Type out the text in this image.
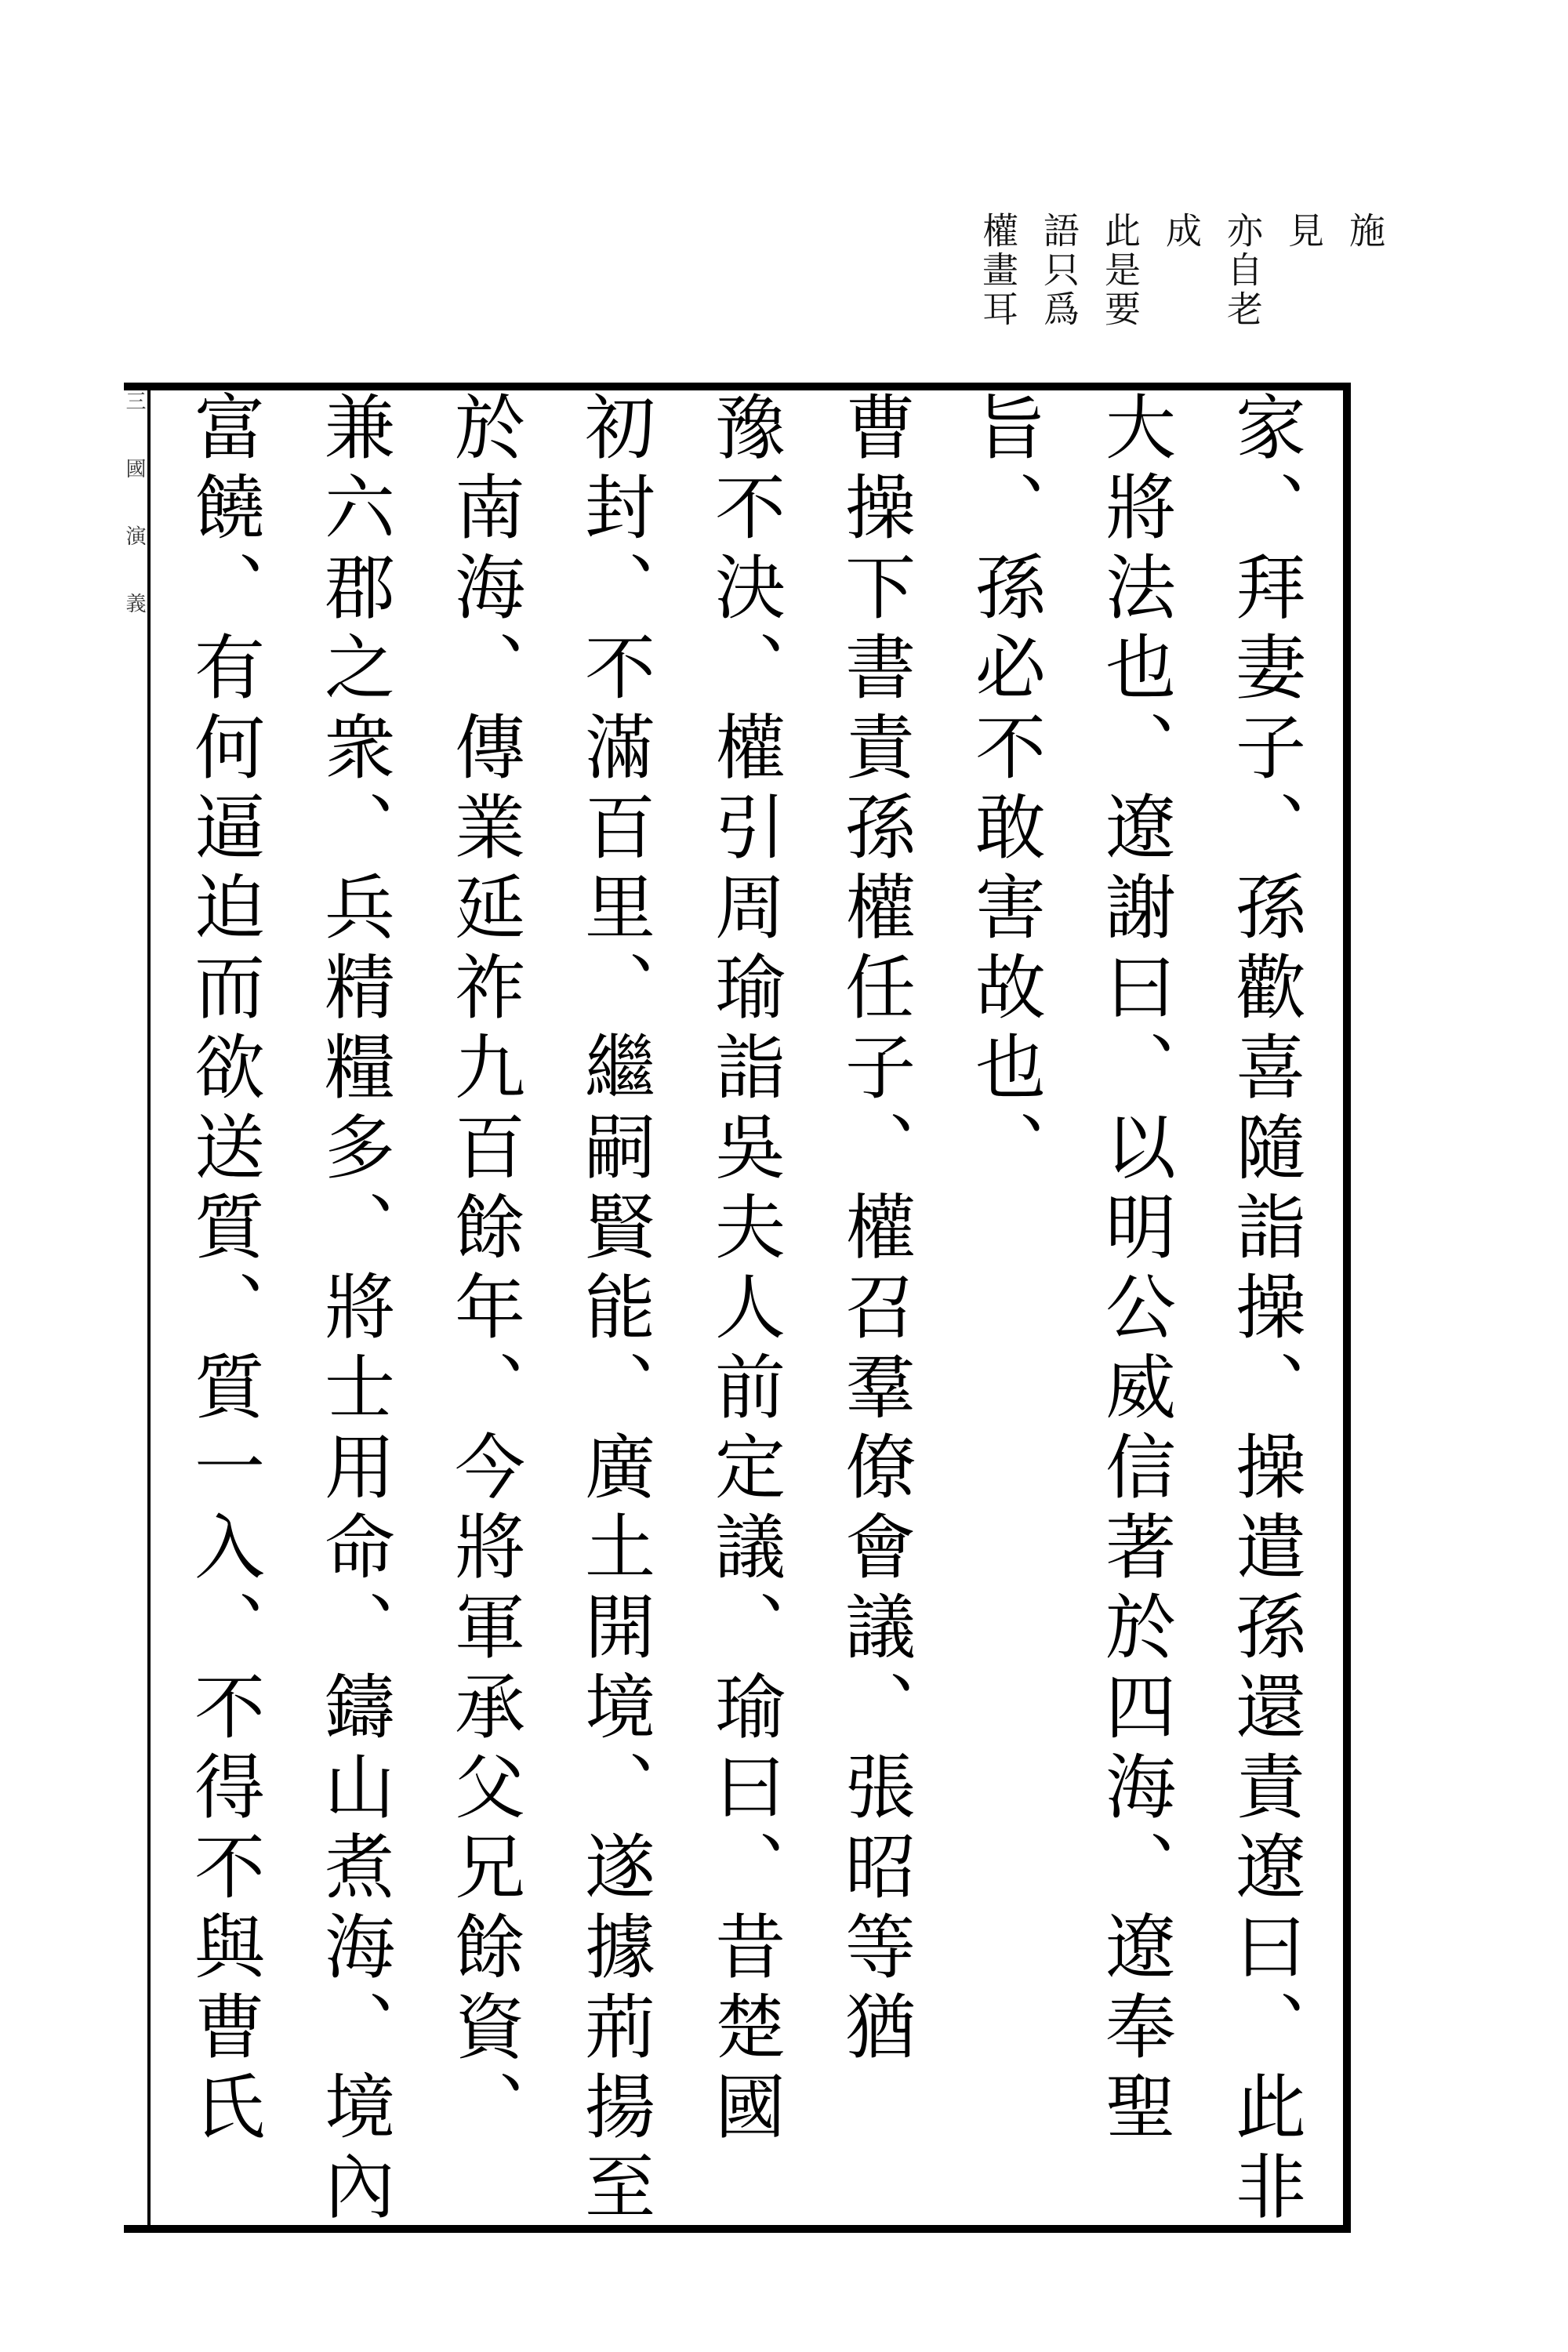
施
見
亦自老
成
此是要
語只爲
權畫耳
三國演義	家、拜妻子、孫歡喜隨詣操、操遣孫還責遼曰、此非
大將法也、遼謝曰、以明公威信著於四海、遼奉聖
旨、孫必不敢害故也、
曹操下書責孫權任子、權召羣僚會議、張昭等猶
豫不決、權引周瑜詣吳夫人前定議、瑜曰、昔楚國
初封、不滿百里、繼嗣賢能、廣土開境、遂據荊揚至
於南海、傳業延祚九百餘年、今將軍承父兄餘資、
兼六郡之衆、兵精糧多、將士用命、鑄山煮海、境內
富饒、有何逼迫而欲送質、質一入、不得不與曹氏
